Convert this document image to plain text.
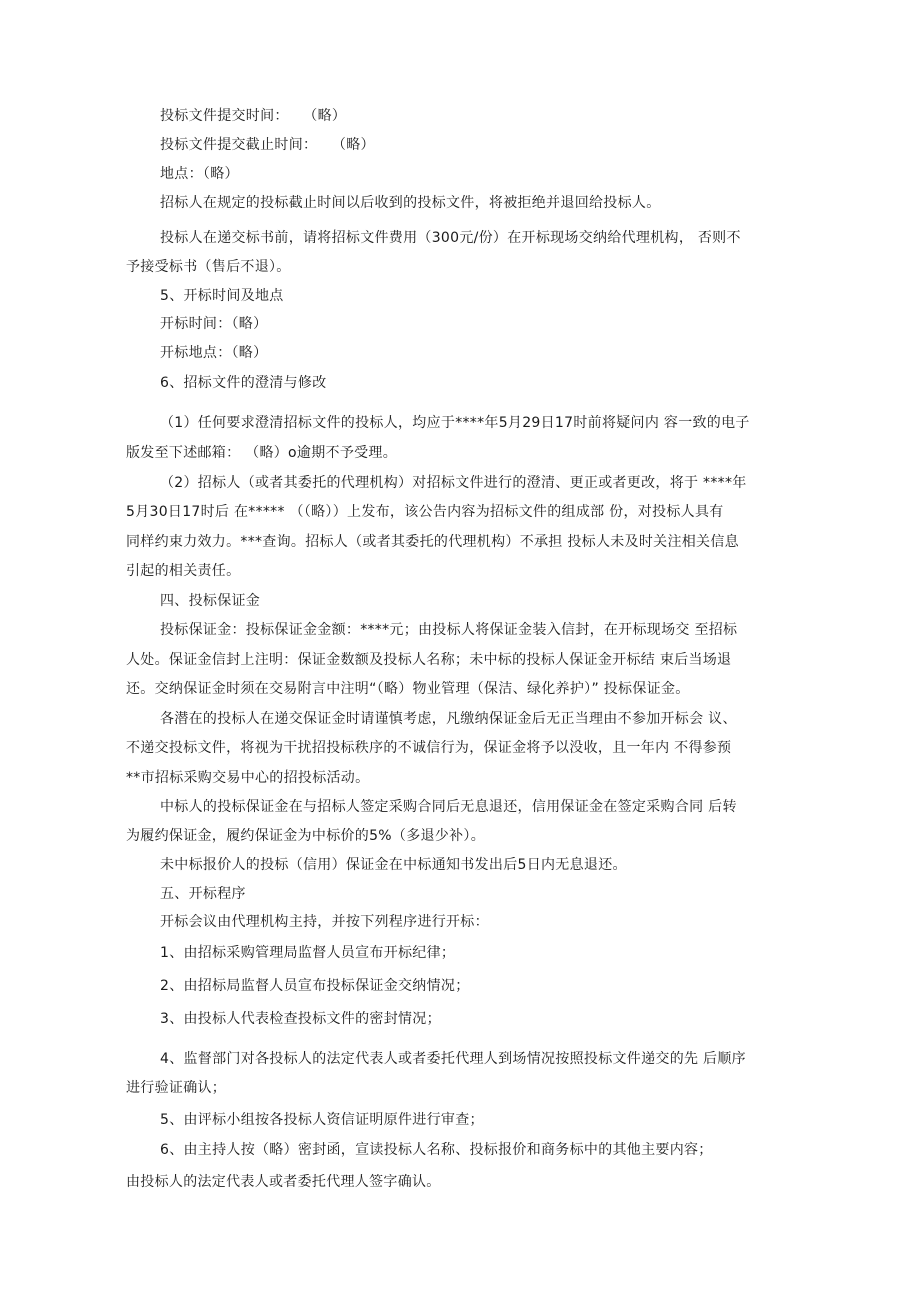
投标文件提交时间：　　（略）
投标文件提交截止时间：　　（略）
地点：（略）
招标人在规定的投标截止时间以后收到的投标文件，将被拒绝并退回给投标人。
投标人在递交标书前，请将招标文件费用（300元/份）在开标现场交纳给代理机构， 否则不
予接受标书（售后不退）。
5、开标时间及地点
开标时间：（略）
开标地点：（略）
6、招标文件的澄清与修改
（1）任何要求澄清招标文件的投标人，均应于****年5月29日17时前将疑问内 容一致的电子
版发至下述邮箱： （略）o逾期不予受理。
（2）招标人（或者其委托的代理机构）对招标文件进行的澄清、更正或者更改，将于 ****年
5月30日17时后 在***** （（略））上发布，该公告内容为招标文件的组成部 份，对投标人具有
同样约束力效力。***查询。招标人（或者其委托的代理机构）不承担 投标人未及时关注相关信息
引起的相关责任。
四、投标保证金
投标保证金：投标保证金金额：****元；由投标人将保证金装入信封，在开标现场交 至招标
人处。保证金信封上注明：保证金数额及投标人名称；未中标的投标人保证金开标结 束后当场退
还。交纳保证金时须在交易附言中注明“（略）物业管理（保洁、绿化养护）” 投标保证金。
各潜在的投标人在递交保证金时请谨慎考虑，凡缴纳保证金后无正当理由不参加开标会 议、
不递交投标文件，将视为干扰招投标秩序的不诚信行为，保证金将予以没收，且一年内 不得参预
**市招标采购交易中心的招投标活动。
中标人的投标保证金在与招标人签定采购合同后无息退还，信用保证金在签定采购合同 后转
为履约保证金，履约保证金为中标价的5%（多退少补）。
未中标报价人的投标（信用）保证金在中标通知书发出后5日内无息退还。
五、开标程序
开标会议由代理机构主持，并按下列程序进行开标：
1、由招标采购管理局监督人员宣布开标纪律；
2、由招标局监督人员宣布投标保证金交纳情况；
3、由投标人代表检查投标文件的密封情况；
4、监督部门对各投标人的法定代表人或者委托代理人到场情况按照投标文件递交的先 后顺序
进行验证确认；
5、由评标小组按各投标人资信证明原件进行审查；
6、由主持人按（略）密封函，宣读投标人名称、投标报价和商务标中的其他主要内容；
由投标人的法定代表人或者委托代理人签字确认。
